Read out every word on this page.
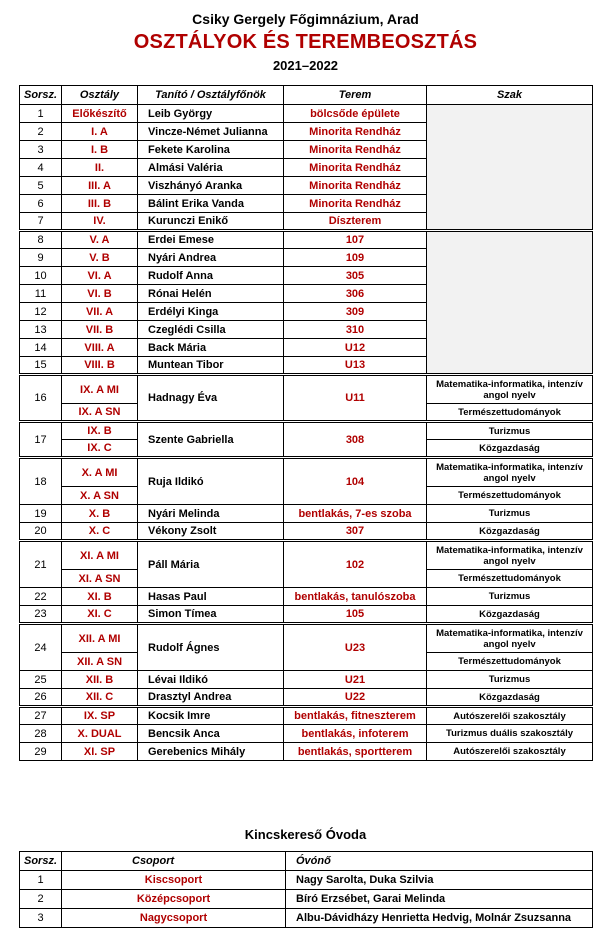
Csiky Gergely Főgimnázium, Arad
OSZTÁLYOK ÉS TEREMBEOSZTÁS
2021–2022
Sorsz.	Osztály	Tanító / Osztályfőnök	Terem	Szak
1	Előkészítő	Leib György	bölcsőde épülete	
2	I. A	Vincze-Német Julianna	Minorita Rendház	
3	I. B	Fekete Karolina	Minorita Rendház	
4	II.	Almási Valéria	Minorita Rendház	
5	III. A	Viszhányó Aranka	Minorita Rendház	
6	III. B	Bálint Erika Vanda	Minorita Rendház	
7	IV.	Kurunczi Enikő	Díszterem	
8	V. A	Erdei Emese	107	
9	V. B	Nyári Andrea	109	
10	VI. A	Rudolf Anna	305	
11	VI. B	Rónai Helén	306	
12	VII. A	Erdélyi Kinga	309	
13	VII. B	Czeglédi Csilla	310	
14	VIII. A	Back Mária	U12	
15	VIII. B	Muntean Tibor	U13	
16	IX. A MI	Hadnagy Éva	U11	Matematika-informatika, intenzív angol nyelv
	IX. A SN			Természettudományok
17	IX. B	Szente Gabriella	308	Turizmus
	IX. C			Közgazdaság
18	X. A MI	Ruja Ildikó	104	Matematika-informatika, intenzív angol nyelv
	X. A SN			Természettudományok
19	X. B	Nyári Melinda	bentlakás, 7-es szoba	Turizmus
20	X. C	Vékony Zsolt	307	Közgazdaság
21	XI. A MI	Páll Mária	102	Matematika-informatika, intenzív angol nyelv
	XI. A SN			Természettudományok
22	XI. B	Hasas Paul	bentlakás, tanulószoba	Turizmus
23	XI. C	Simon Tímea	105	Közgazdaság
24	XII. A MI	Rudolf Ágnes	U23	Matematika-informatika, intenzív angol nyelv
	XII. A SN			Természettudományok
25	XII. B	Lévai Ildikó	U21	Turizmus
26	XII. C	Drasztyl Andrea	U22	Közgazdaság
27	IX. SP	Kocsik Imre	bentlakás, fitneszterem	Autószerelői szakosztály
28	X. DUAL	Bencsik Anca	bentlakás, infoterem	Turizmus duális szakosztály
29	XI. SP	Gerebenics Mihály	bentlakás, sportterem	Autószerelői szakosztály
Kincskereső Óvoda
Sorsz.	Csoport	Óvónő
1	Kiscsoport	Nagy Sarolta, Duka Szilvia
2	Középcsoport	Bíró Erzsébet, Garai Melinda
3	Nagycsoport	Albu-Dávidházy Henrietta Hedvig, Molnár Zsuzsanna
